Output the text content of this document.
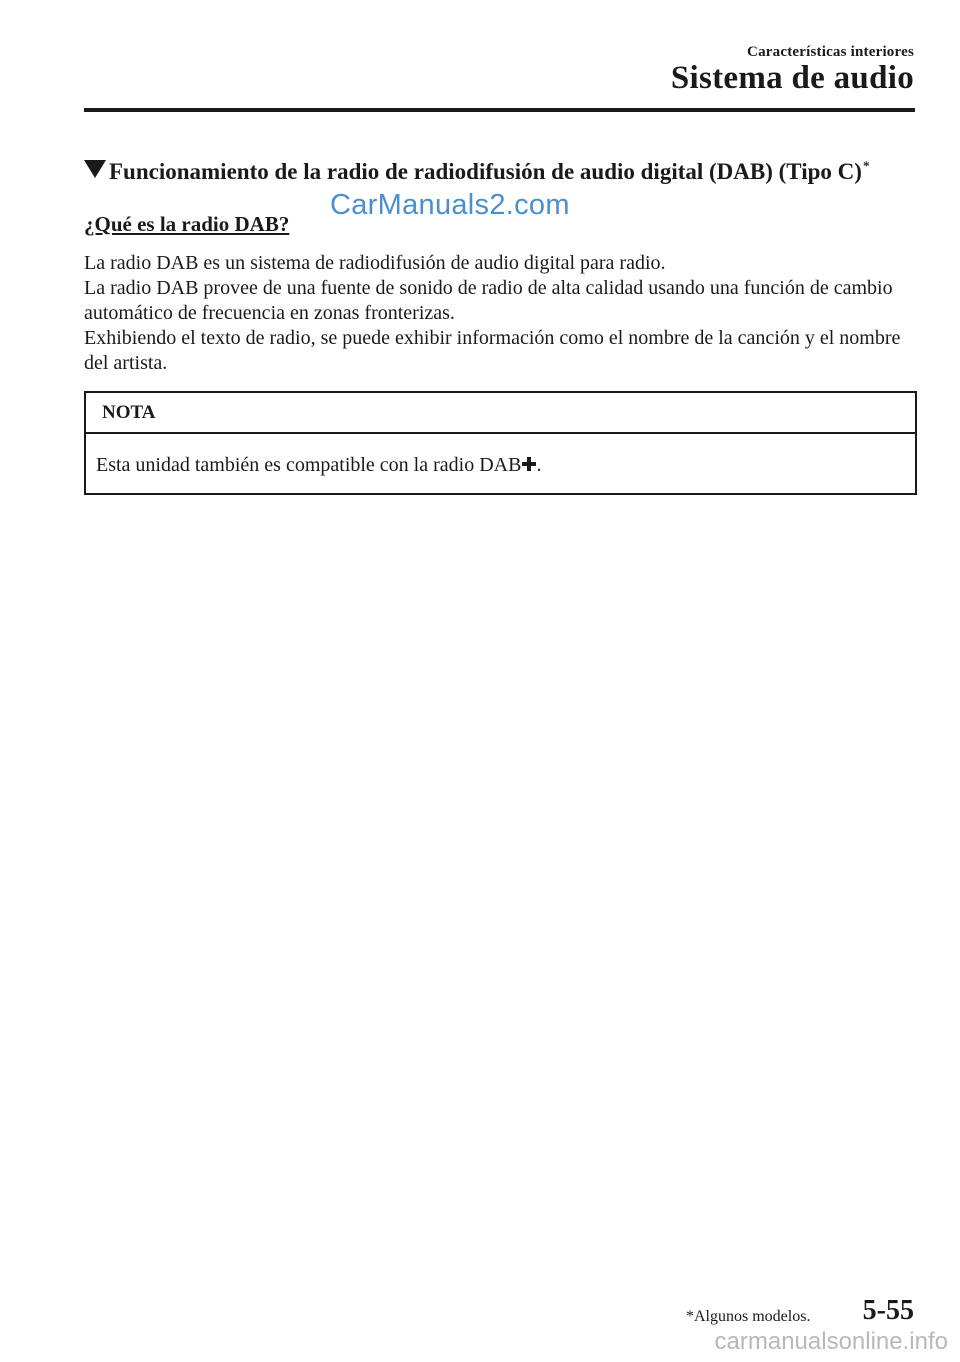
Características interiores
Sistema de audio
Funcionamiento de la radio de radiodifusión de audio digital (DAB) (Tipo C)*
¿Qué es la radio DAB?
CarManuals2.com

La radio DAB es un sistema de radiodifusión de audio digital para radio.

La radio DAB provee de una fuente de sonido de radio de alta calidad usando una función de cambio automático de frecuencia en zonas fronterizas.

Exhibiendo el texto de radio, se puede exhibir información como el nombre de la canción y el nombre del artista.

NOTA
Esta unidad también es compatible con la radio DAB .
*Algunos modelos. 5-55
carmanualsonline.info
